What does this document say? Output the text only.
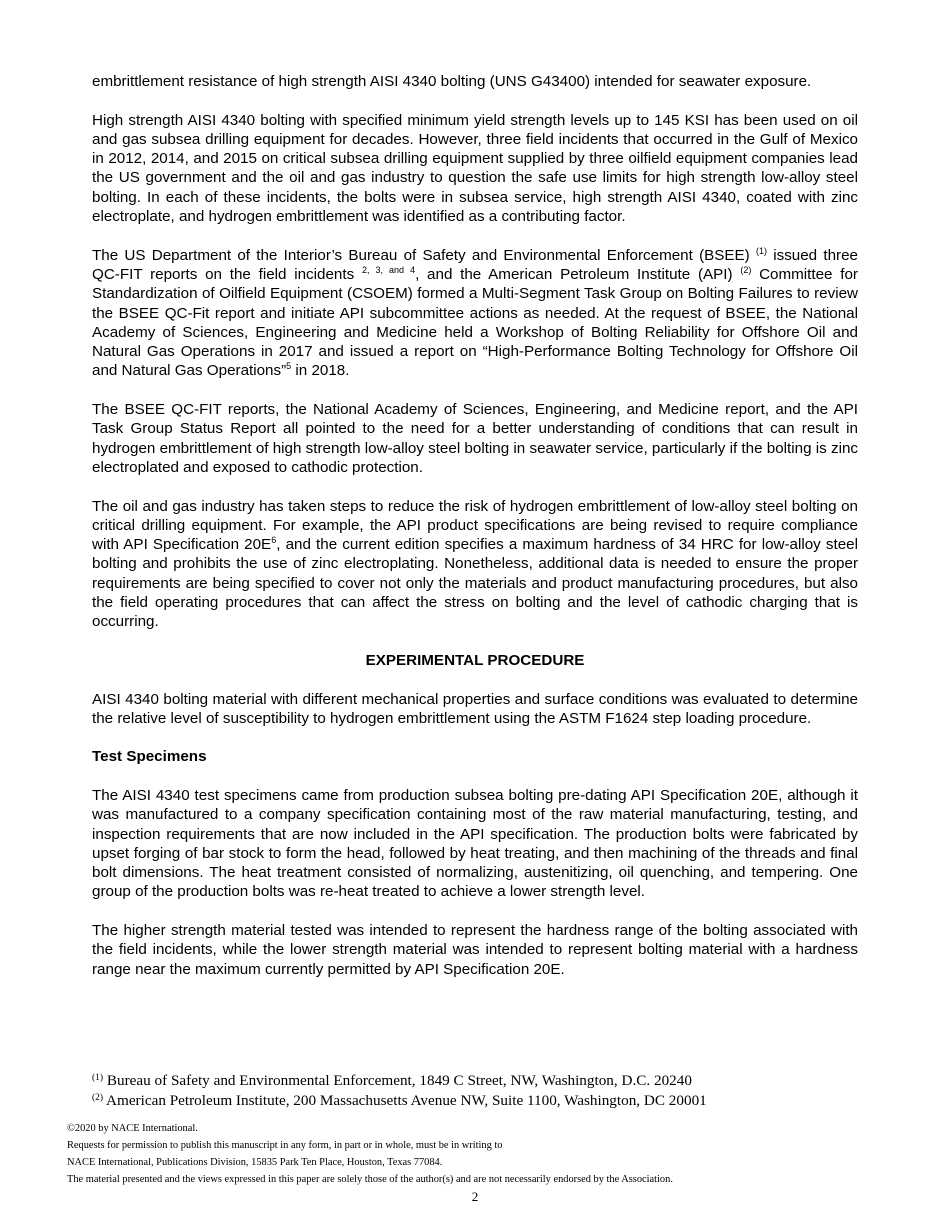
embrittlement resistance of high strength AISI 4340 bolting (UNS G43400) intended for seawater exposure.

High strength AISI 4340 bolting with specified minimum yield strength levels up to 145 KSI has been used on oil and gas subsea drilling equipment for decades. However, three field incidents that occurred in the Gulf of Mexico in 2012, 2014, and 2015 on critical subsea drilling equipment supplied by three oilfield equipment companies lead the US government and the oil and gas industry to question the safe use limits for high strength low-alloy steel bolting. In each of these incidents, the bolts were in subsea service, high strength AISI 4340, coated with zinc electroplate, and hydrogen embrittlement was identified as a contributing factor.

The US Department of the Interior’s Bureau of Safety and Environmental Enforcement (BSEE) $^{(1)}$ issued three QC-FIT reports on the field incidents $^{2, 3, and 4}$, and the American Petroleum Institute (API) $^{(2)}$ Committee for Standardization of Oilfield Equipment (CSOEM) formed a Multi-Segment Task Group on Bolting Failures to review the BSEE QC-Fit report and initiate API subcommittee actions as needed. At the request of BSEE, the National Academy of Sciences, Engineering and Medicine held a Workshop of Bolting Reliability for Offshore Oil and Natural Gas Operations in 2017 and issued a report on “High-Performance Bolting Technology for Offshore Oil and Natural Gas Operations”$^5$ in 2018.

The BSEE QC-FIT reports, the National Academy of Sciences, Engineering, and Medicine report, and the API Task Group Status Report all pointed to the need for a better understanding of conditions that can result in hydrogen embrittlement of high strength low-alloy steel bolting in seawater service, particularly if the bolting is zinc electroplated and exposed to cathodic protection.

The oil and gas industry has taken steps to reduce the risk of hydrogen embrittlement of low-alloy steel bolting on critical drilling equipment. For example, the API product specifications are being revised to require compliance with API Specification $20E^6$, and the current edition specifies a maximum hardness of 34 HRC for low-alloy steel bolting and prohibits the use of zinc electroplating. Nonetheless, additional data is needed to ensure the proper requirements are being specified to cover not only the materials and product manufacturing procedures, but also the field operating procedures that can affect the stress on bolting and the level of cathodic charging that is occurring.

EXPERIMENTAL PROCEDURE

AISI 4340 bolting material with different mechanical properties and surface conditions was evaluated to determine the relative level of susceptibility to hydrogen embrittlement using the ASTM F1624 step loading procedure.

Test Specimens

The AISI 4340 test specimens came from production subsea bolting pre-dating API Specification 20E, although it was manufactured to a company specification containing most of the raw material manufacturing, testing, and inspection requirements that are now included in the API specification. The production bolts were fabricated by upset forging of bar stock to form the head, followed by heat treating, and then machining of the threads and final bolt dimensions. The heat treatment consisted of normalizing, austenitizing, oil quenching, and tempering. One group of the production bolts was re-heat treated to achieve a lower strength level.

The higher strength material tested was intended to represent the hardness range of the bolting associated with the field incidents, while the lower strength material was intended to represent bolting material with a hardness range near the maximum currently permitted by API Specification 20E.

$^{(1)}$ Bureau of Safety and Environmental Enforcement, 1849 C Street, NW, Washington, D.C. 20240
$^{(2)}$ American Petroleum Institute, 200 Massachusetts Avenue NW, Suite 1100, Washington, DC 20001
©2020 by NACE International.
Requests for permission to publish this manuscript in any form, in part or in whole, must be in writing to
NACE International, Publications Division, 15835 Park Ten Place, Houston, Texas 77084.
The material presented and the views expressed in this paper are solely those of the author(s) and are not necessarily endorsed by the Association.
2
